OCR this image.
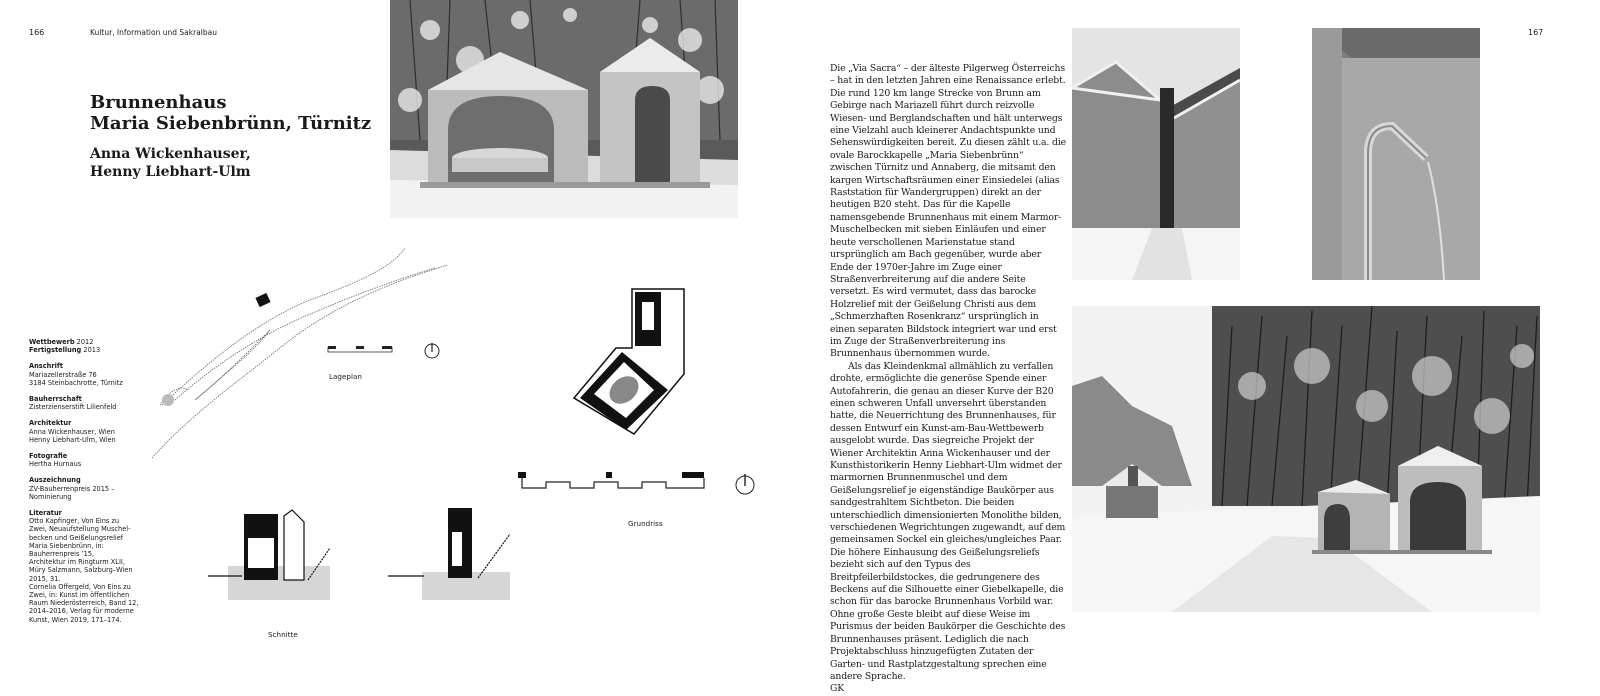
166	Kultur, Information und Sakralbau	167
Brunnenhaus
Maria Siebenbrünn, Türnitz
Anna Wickenhauser,
Henny Liebhart-Ulm
Lageplan
Grundriss
Schnitte
Wettbewerb 2012
Fertigstellung 2013
Anschrift
Mariazellerstraße 76
3184 Steinbachrotte, Türnitz
Bauherrschaft
Zisterzienserstift Lilienfeld
Architektur
Anna Wickenhauser, Wien
Henny Liebhart-Ulm, Wien
Fotografie
Hertha Hurnaus
Auszeichnung
ZV-Bauherrenpreis 2015 –
Nominierung
Literatur
Otto Kapfinger, Von Eins zu
Zwei, Neuaufstellung Muschel-
becken und Geißelungsrelief
Maria Siebenbrünn, in:
Bauherrenpreis ’15,
Architektur im Ringturm XLII,
Müry Salzmann, Salzburg–Wien
2015, 31.
Cornelia Offergeld, Von Eins zu
Zwei, in: Kunst im öffentlichen
Raum Niederösterreich, Band 12,
2014–2016, Verlag für moderne
Kunst, Wien 2019, 171–174.

Die „Via Sacra“ – der älteste Pilgerweg Österreichs – hat in den letzten Jahren eine Renaissance erlebt. Die rund 120 km lange Strecke von Brunn am Gebirge nach Mariazell führt durch reizvolle Wiesen- und Berglandschaften und hält unterwegs eine Vielzahl auch kleinerer Andachtspunkte und Sehenswürdigkeiten bereit. Zu diesen zählt u.a. die ovale Barockkapelle „Maria Siebenbrünn“ zwischen Türnitz und Annaberg, die mitsamt den kargen Wirtschaftsräumen einer Einsiedelei (alias Raststation für Wandergruppen) direkt an der heutigen B20 steht. Das für die Kapelle namensgebende Brunnenhaus mit einem Marmor-Muschelbecken mit sieben Einläufen und einer heute verschollenen Marienstatue stand ursprünglich am Bach gegenüber, wurde aber Ende der 1970er-Jahre im Zuge einer Straßenverbreiterung auf die andere Seite versetzt. Es wird vermutet, dass das barocke Holzrelief mit der Geißelung Christi aus dem „Schmerzhaften Rosenkranz“ ursprünglich in einen separaten Bildstock integriert war und erst im Zuge der Straßenverbreiterung ins Brunnenhaus übernommen wurde.

Als das Kleindenkmal allmählich zu verfallen drohte, ermöglichte die generöse Spende einer Autofahrerin, die genau an dieser Kurve der B20 einen schweren Unfall unversehrt überstanden hatte, die Neuerrichtung des Brunnenhauses, für dessen Entwurf ein Kunst-am-Bau-Wettbewerb ausgelobt wurde. Das siegreiche Projekt der Wiener Architektin Anna Wickenhauser und der Kunsthistorikerin Henny Liebhart-Ulm widmet der marmornen Brunnenmuschel und dem Geißelungsrelief je eigenständige Baukörper aus sandgestrahltem Sichtbeton. Die beiden unterschiedlich dimensionierten Monolithe bilden, verschiedenen Wegrichtungen zugewandt, auf dem gemeinsamen Sockel ein gleiches/ungleiches Paar. Die höhere Einhausung des Geißelungsreliefs bezieht sich auf den Typus des Breitpfeilerbildstockes, die gedrungenere des Beckens auf die Silhouette einer Giebelkapelle, die schon für das barocke Brunnenhaus Vorbild war. Ohne große Geste bleibt auf diese Weise im Purismus der beiden Baukörper die Geschichte des Brunnenhauses präsent. Lediglich die nach Projektabschluss hinzugefügten Zutaten der Garten- und Rastplatzgestaltung sprechen eine andere Sprache.

GK
